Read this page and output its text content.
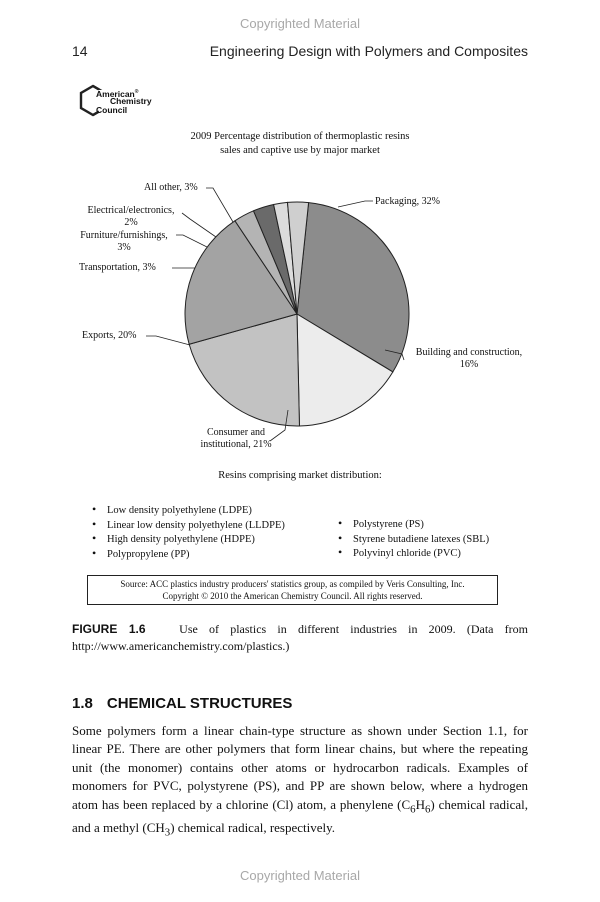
Copyrighted Material
14	Engineering Design with Polymers and Composites
American®
Chemistry
Council
2009 Percentage distribution of thermoplastic resins
sales and captive use by major market
Packaging, 32%
Building and construction,
16%
Consumer and
institutional, 21%
Exports, 20%
Transportation, 3%
Furniture/furnishings,
3%
Electrical/electronics,
2%
All other, 3%
Resins comprising market distribution:
• Low density polyethylene (LDPE)
• Linear low density polyethylene (LLDPE)
• High density polyethylene (HDPE)
• Polypropylene (PP)
• Polystyrene (PS)
• Styrene butadiene latexes (SBL)
• Polyvinyl chloride (PVC)
Source: ACC plastics industry producers' statistics group, as compiled by Veris Consulting, Inc.
Copyright © 2010 the American Chemistry Council. All rights reserved.
FIGURE 1.6	Use of plastics in different industries in 2009. (Data from http://www.americanchemistry.com/plastics.)
1.8 CHEMICAL STRUCTURES
Some polymers form a linear chain-type structure as shown under Section 1.1, for linear PE. There are other polymers that form linear chains, but where the repeating unit (the monomer) contains other atoms or hydrocarbon radicals. Examples of monomers for PVC, polystyrene (PS), and PP are shown below, where a hydrogen atom has been replaced by a chlorine (Cl) atom, a phenylene $(C_6H_6)$ chemical radical, and a methyl $(CH_3)$ chemical radical, respectively.
Copyrighted Material
